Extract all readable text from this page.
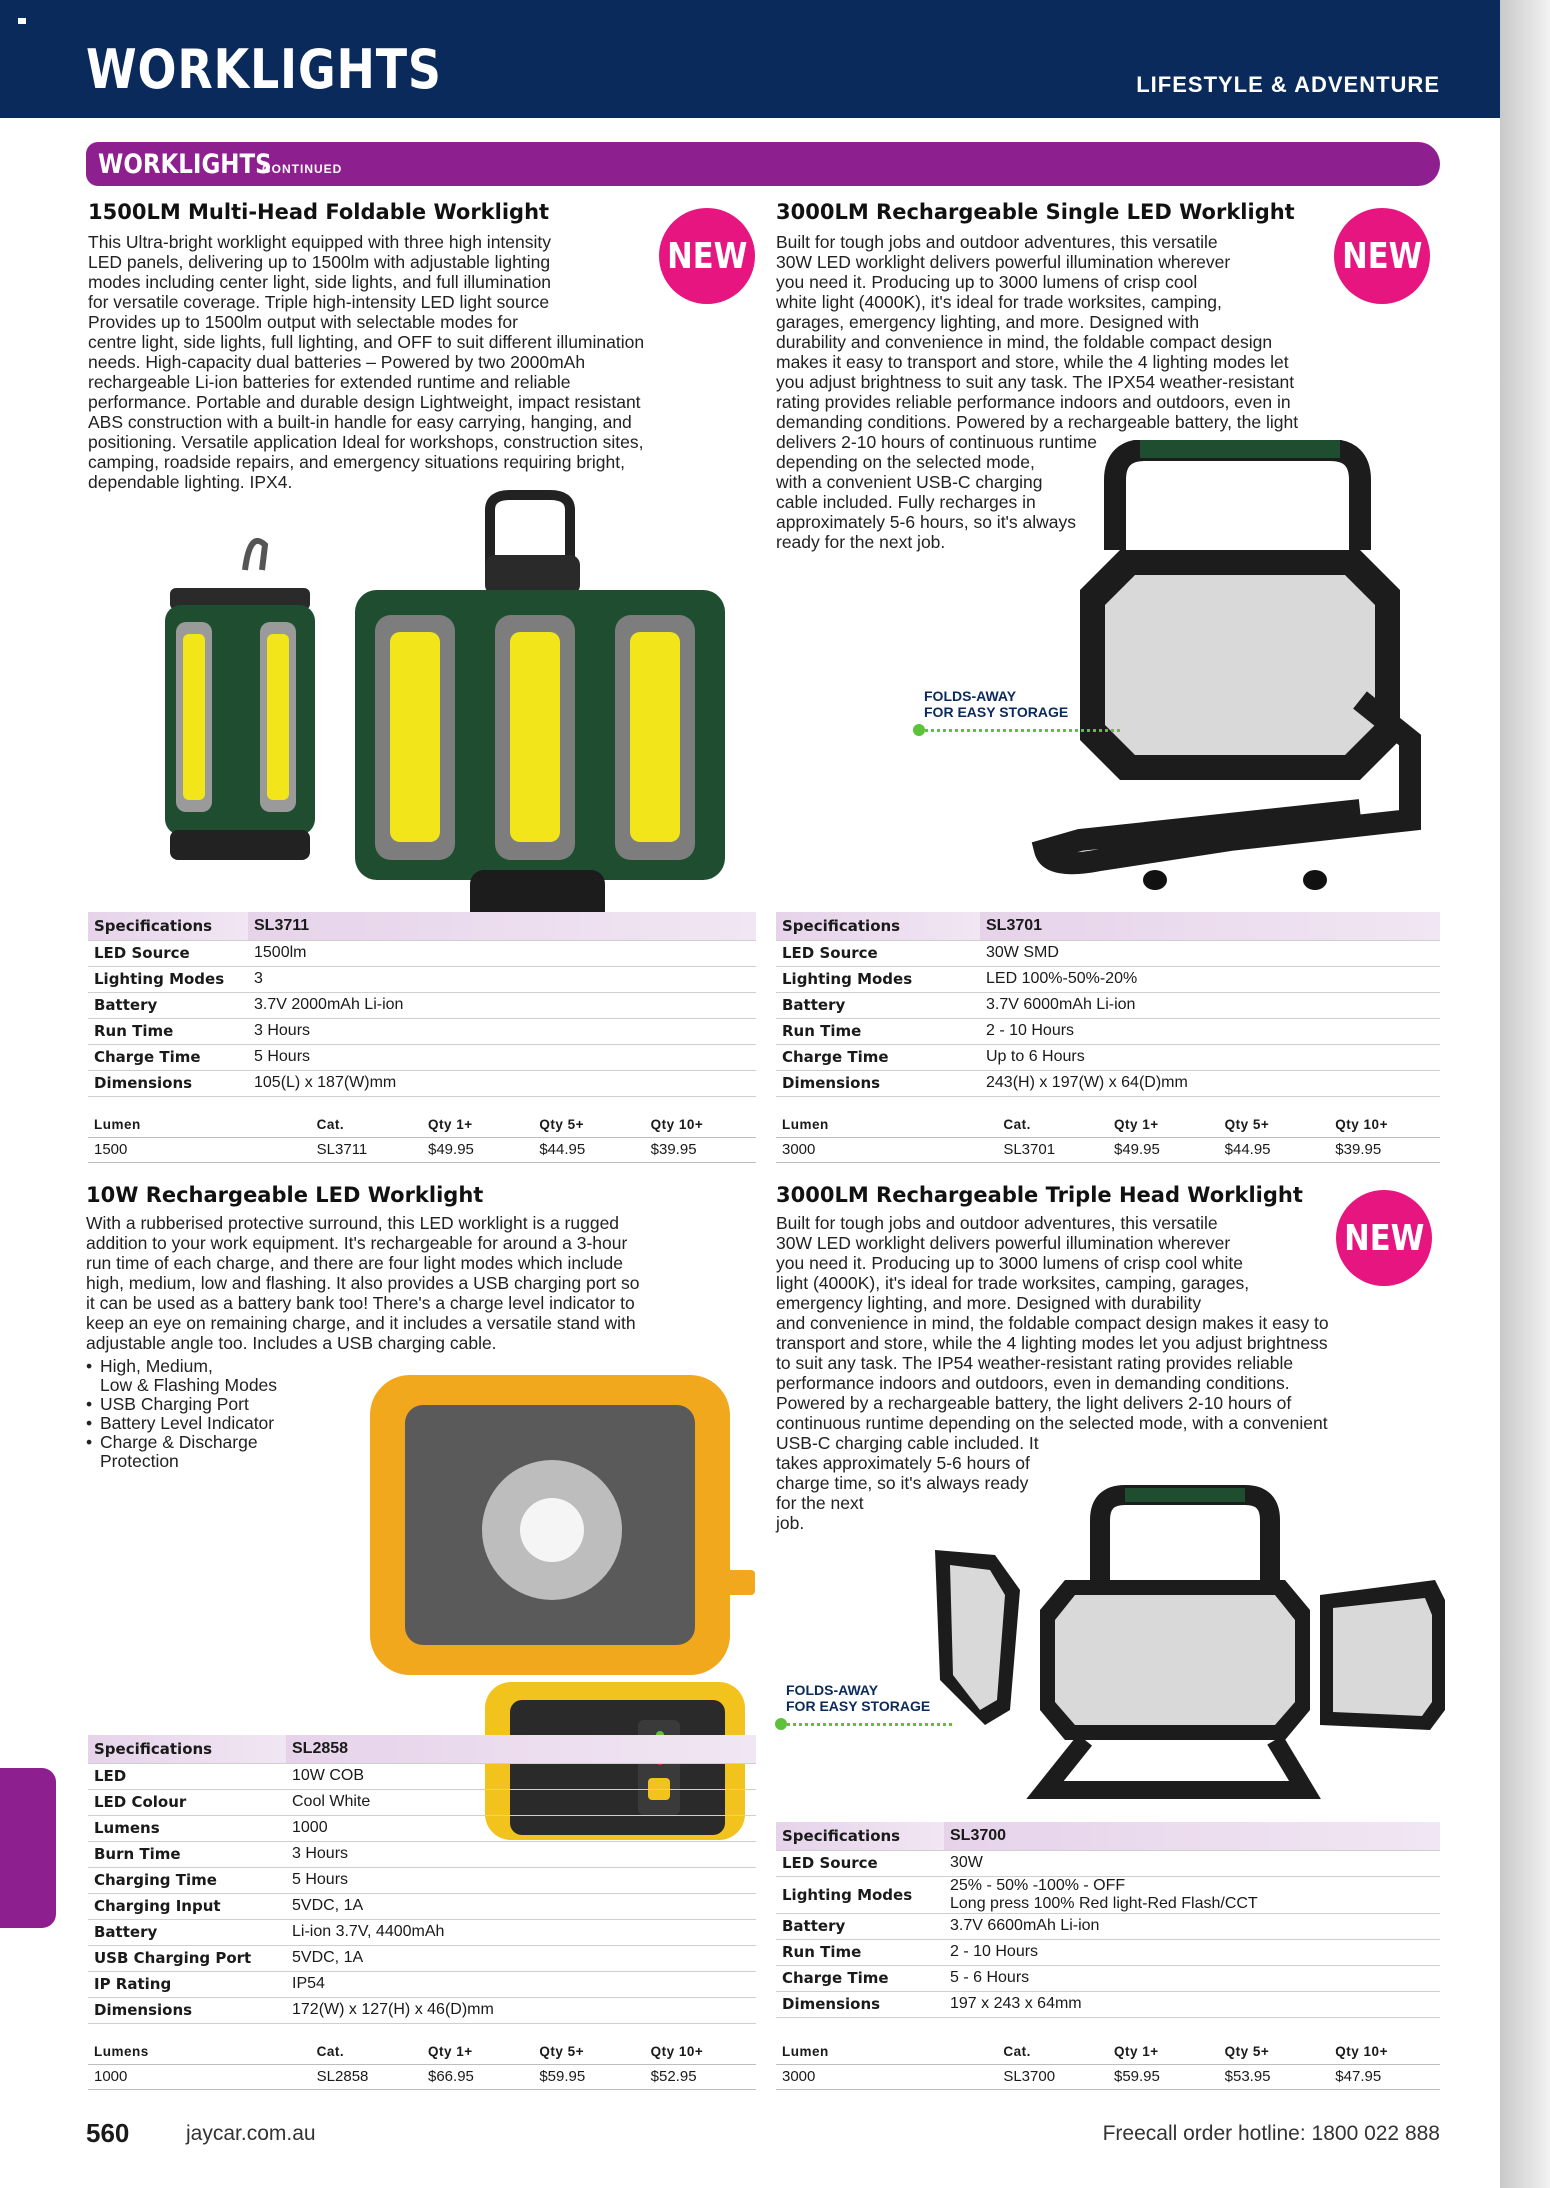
WORKLIGHTS	LIFESTYLE & ADVENTURE
WORKLIGHTS
CONTINUED
1500LM Multi-Head Foldable Worklight
NEW

This Ultra-bright worklight equipped with three high intensity

LED panels, delivering up to 1500lm with adjustable lighting

modes including center light, side lights, and full illumination

for versatile coverage. Triple high-intensity LED light source

Provides up to 1500lm output with selectable modes for

centre light, side lights, full lighting, and OFF to suit different illumination

needs. High-capacity dual batteries – Powered by two 2000mAh

rechargeable Li-ion batteries for extended runtime and reliable

performance. Portable and durable design Lightweight, impact resistant

ABS construction with a built-in handle for easy carrying, hanging, and

positioning. Versatile application Ideal for workshops, construction sites,

camping, roadside repairs, and emergency situations requiring bright,

dependable lighting. IPX4.

Specifications	SL3711
LED Source	1500lm
Lighting Modes	3
Battery	3.7V 2000mAh Li-ion
Run Time	3 Hours
Charge Time	5 Hours
Dimensions	105(L) x 187(W)mm
Lumen	Cat.	Qty 1+	Qty 5+	Qty 10+
1500	SL3711	$49.95	$44.95	$39.95
3000LM Rechargeable Single LED Worklight
NEW

Built for tough jobs and outdoor adventures, this versatile

30W LED worklight delivers powerful illumination wherever

you need it. Producing up to 3000 lumens of crisp cool

white light (4000K), it's ideal for trade worksites, camping,

garages, emergency lighting, and more. Designed with

durability and convenience in mind, the foldable compact design

makes it easy to transport and store, while the 4 lighting modes let

you adjust brightness to suit any task. The IPX54 weather-resistant

rating provides reliable performance indoors and outdoors, even in

demanding conditions. Powered by a rechargeable battery, the light

delivers 2-10 hours of continuous runtime

depending on the selected mode,

with a convenient USB-C charging

cable included. Fully recharges in

approximately 5-6 hours, so it's always

ready for the next job.

FOLDS-AWAY
FOR EASY STORAGE
Specifications	SL3701
LED Source	30W SMD
Lighting Modes	LED 100%-50%-20%
Battery	3.7V 6000mAh Li-ion
Run Time	2 - 10 Hours
Charge Time	Up to 6 Hours
Dimensions	243(H) x 197(W) x 64(D)mm
Lumen	Cat.	Qty 1+	Qty 5+	Qty 10+
3000	SL3701	$49.95	$44.95	$39.95
10W Rechargeable LED Worklight

With a rubberised protective surround, this LED worklight is a rugged

addition to your work equipment. It's rechargeable for around a 3-hour

run time of each charge, and there are four light modes which include

high, medium, low and flashing. It also provides a USB charging port so

it can be used as a battery bank too! There's a charge level indicator to

keep an eye on remaining charge, and it includes a versatile stand with

adjustable angle too. Includes a USB charging cable.

• High, Medium,
Low & Flashing Modes
• USB Charging Port
• Battery Level Indicator
• Charge & Discharge
Protection
Specifications	SL2858
LED	10W COB
LED Colour	Cool White
Lumens	1000
Burn Time	3 Hours
Charging Time	5 Hours
Charging Input	5VDC, 1A
Battery	Li-ion 3.7V, 4400mAh
USB Charging Port	5VDC, 1A
IP Rating	IP54
Dimensions	172(W) x 127(H) x 46(D)mm
Lumens	Cat.	Qty 1+	Qty 5+	Qty 10+
1000	SL2858	$66.95	$59.95	$52.95
3000LM Rechargeable Triple Head Worklight
NEW

Built for tough jobs and outdoor adventures, this versatile

30W LED worklight delivers powerful illumination wherever

you need it. Producing up to 3000 lumens of crisp cool white

light (4000K), it's ideal for trade worksites, camping, garages,

emergency lighting, and more. Designed with durability

and convenience in mind, the foldable compact design makes it easy to

transport and store, while the 4 lighting modes let you adjust brightness

to suit any task. The IP54 weather-resistant rating provides reliable

performance indoors and outdoors, even in demanding conditions.

Powered by a rechargeable battery, the light delivers 2-10 hours of

continuous runtime depending on the selected mode, with a convenient

USB-C charging cable included. It

takes approximately 5-6 hours of

charge time, so it's always ready

for the next

job.

FOLDS-AWAY
FOR EASY STORAGE
Specifications	SL3700
LED Source	30W
Lighting Modes	25% - 50% -100% - OFF
Long press 100% Red light-Red Flash/CCT
Battery	3.7V 6600mAh Li-ion
Run Time	2 - 10 Hours
Charge Time	5 - 6 Hours
Dimensions	197 x 243 x 64mm
Lumen	Cat.	Qty 1+	Qty 5+	Qty 10+
3000	SL3700	$59.95	$53.95	$47.95
560	jaycar.com.au	Freecall order hotline: 1800 022 888
